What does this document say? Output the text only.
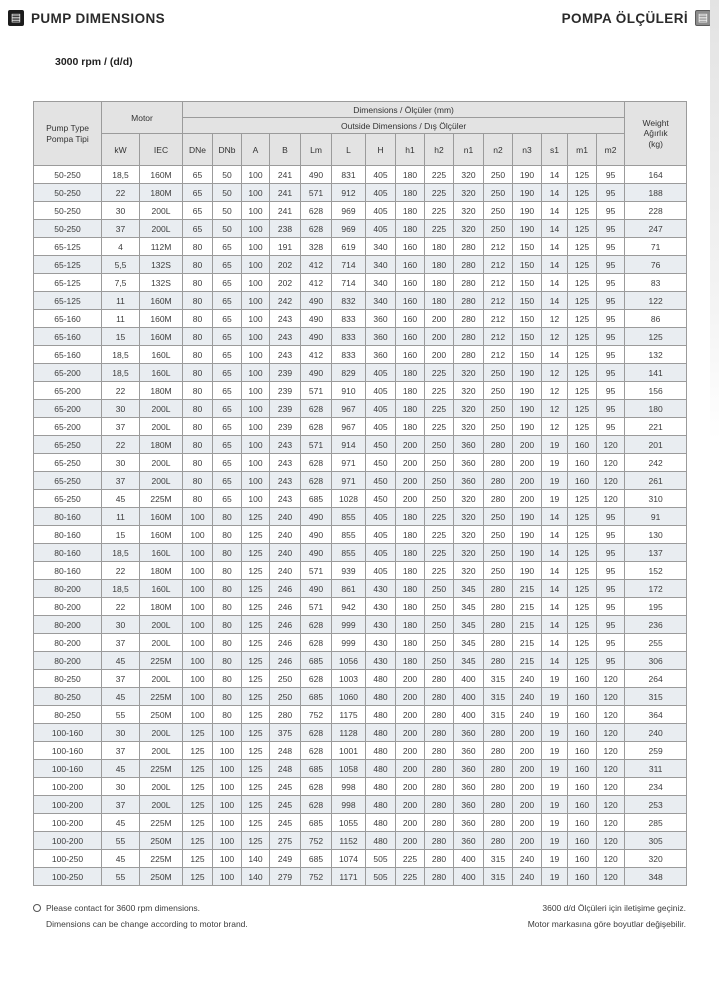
▤ PUMP DIMENSIONS	POMPA ÖLÇÜLERİ ▤
3000 rpm / (d/d)
Pump Type
Pompa Tipi
	Motor	Dimensions / Ölçüler (mm)	
Weight
Ağırlık
(kg)

			Outside Dimensions / Dış Ölçüler															
	kW	IEC	DNe	DNb	A	B	Lm	L	H	h1	h2	n1	n2	n3	s1	m1	m2	
50-250	18,5	160M	65	50	100	241	490	831	405	180	225	320	250	190	14	125	95	164
50-250	22	180M	65	50	100	241	571	912	405	180	225	320	250	190	14	125	95	188
50-250	30	200L	65	50	100	241	628	969	405	180	225	320	250	190	14	125	95	228
50-250	37	200L	65	50	100	238	628	969	405	180	225	320	250	190	14	125	95	247
65-125	4	112M	80	65	100	191	328	619	340	160	180	280	212	150	14	125	95	71
65-125	5,5	132S	80	65	100	202	412	714	340	160	180	280	212	150	14	125	95	76
65-125	7,5	132S	80	65	100	202	412	714	340	160	180	280	212	150	14	125	95	83
65-125	11	160M	80	65	100	242	490	832	340	160	180	280	212	150	14	125	95	122
65-160	11	160M	80	65	100	243	490	833	360	160	200	280	212	150	12	125	95	86
65-160	15	160M	80	65	100	243	490	833	360	160	200	280	212	150	12	125	95	125
65-160	18,5	160L	80	65	100	243	412	833	360	160	200	280	212	150	14	125	95	132
65-200	18,5	160L	80	65	100	239	490	829	405	180	225	320	250	190	12	125	95	141
65-200	22	180M	80	65	100	239	571	910	405	180	225	320	250	190	12	125	95	156
65-200	30	200L	80	65	100	239	628	967	405	180	225	320	250	190	12	125	95	180
65-200	37	200L	80	65	100	239	628	967	405	180	225	320	250	190	12	125	95	221
65-250	22	180M	80	65	100	243	571	914	450	200	250	360	280	200	19	160	120	201
65-250	30	200L	80	65	100	243	628	971	450	200	250	360	280	200	19	160	120	242
65-250	37	200L	80	65	100	243	628	971	450	200	250	360	280	200	19	160	120	261
65-250	45	225M	80	65	100	243	685	1028	450	200	250	320	280	200	19	125	120	310
80-160	11	160M	100	80	125	240	490	855	405	180	225	320	250	190	14	125	95	91
80-160	15	160M	100	80	125	240	490	855	405	180	225	320	250	190	14	125	95	130
80-160	18,5	160L	100	80	125	240	490	855	405	180	225	320	250	190	14	125	95	137
80-160	22	180M	100	80	125	240	571	939	405	180	225	320	250	190	14	125	95	152
80-200	18,5	160L	100	80	125	246	490	861	430	180	250	345	280	215	14	125	95	172
80-200	22	180M	100	80	125	246	571	942	430	180	250	345	280	215	14	125	95	195
80-200	30	200L	100	80	125	246	628	999	430	180	250	345	280	215	14	125	95	236
80-200	37	200L	100	80	125	246	628	999	430	180	250	345	280	215	14	125	95	255
80-200	45	225M	100	80	125	246	685	1056	430	180	250	345	280	215	14	125	95	306
80-250	37	200L	100	80	125	250	628	1003	480	200	280	400	315	240	19	160	120	264
80-250	45	225M	100	80	125	250	685	1060	480	200	280	400	315	240	19	160	120	315
80-250	55	250M	100	80	125	280	752	1175	480	200	280	400	315	240	19	160	120	364
100-160	30	200L	125	100	125	375	628	1128	480	200	280	360	280	200	19	160	120	240
100-160	37	200L	125	100	125	248	628	1001	480	200	280	360	280	200	19	160	120	259
100-160	45	225M	125	100	125	248	685	1058	480	200	280	360	280	200	19	160	120	311
100-200	30	200L	125	100	125	245	628	998	480	200	280	360	280	200	19	160	120	234
100-200	37	200L	125	100	125	245	628	998	480	200	280	360	280	200	19	160	120	253
100-200	45	225M	125	100	125	245	685	1055	480	200	280	360	280	200	19	160	120	285
100-200	55	250M	125	100	125	275	752	1152	480	200	280	360	280	200	19	160	120	305
100-250	45	225M	125	100	140	249	685	1074	505	225	280	400	315	240	19	160	120	320
100-250	55	250M	125	100	140	279	752	1171	505	225	280	400	315	240	19	160	120	348
Please contact for 3600 rpm dimensions.
Dimensions can be change according to motor brand.
3600 d/d Ölçüleri için iletişime geçiniz.
Motor markasına göre boyutlar değişebilir.
